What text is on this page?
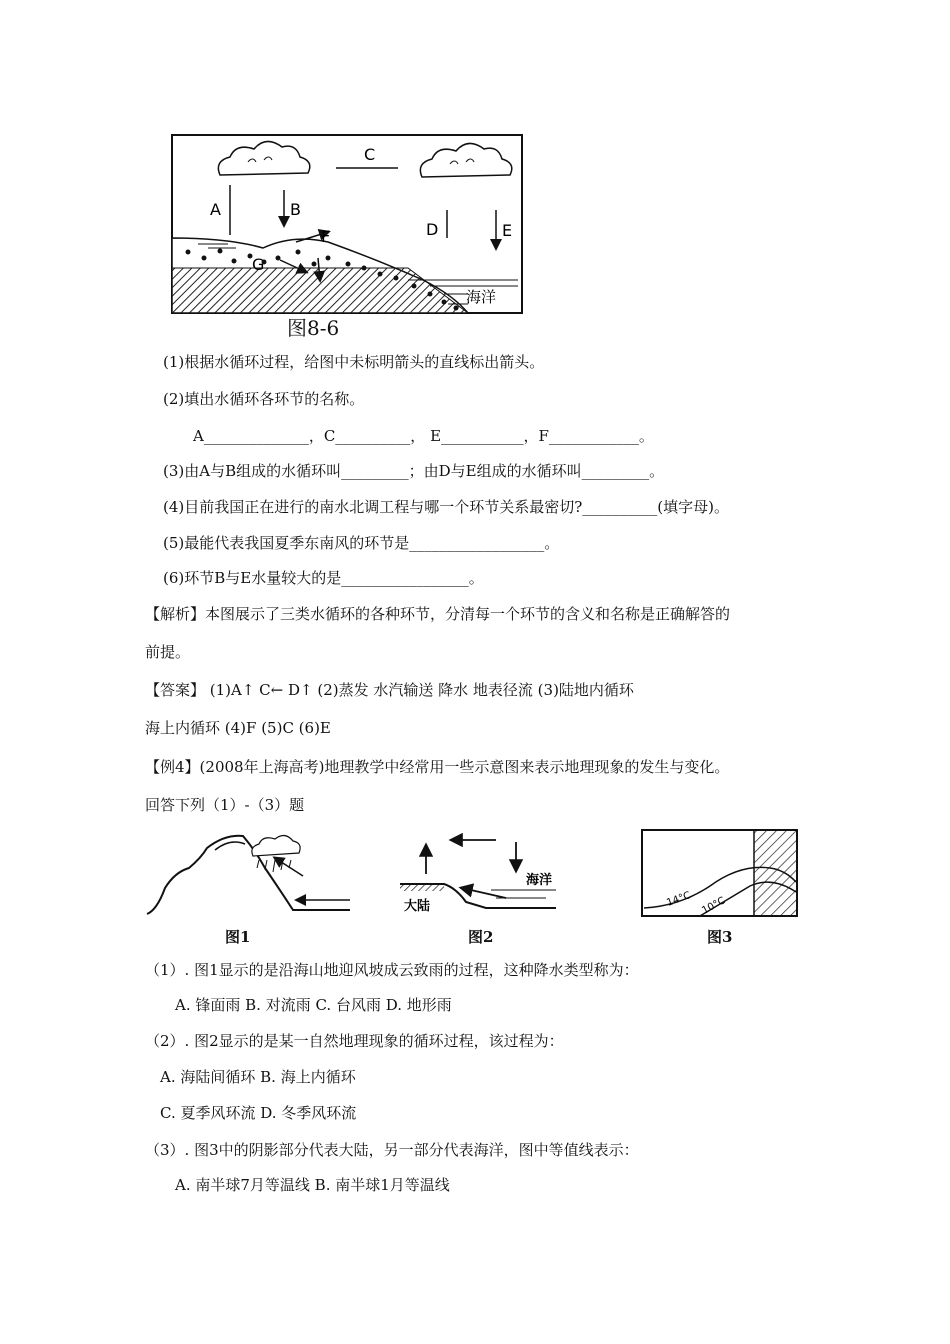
C
A	B
D	E
F
G
海洋
图8-6
(1)根据水循环过程，给图中未标明箭头的直线标出箭头。
(2)填出水循环各环节的名称。
A______________，C__________， E___________，F____________。
(3)由A与B组成的水循环叫_________；由D与E组成的水循环叫_________。
(4)目前我国正在进行的南水北调工程与哪一个环节关系最密切?__________(填字母)。
(5)最能代表我国夏季东南风的环节是__________________。
(6)环节B与E水量较大的是_________________。
【解析】本图展示了三类水循环的各种环节，分清每一个环节的含义和名称是正确解答的
前提。
【答案】 (1)A↑ C← D↑ (2)蒸发 水汽输送 降水 地表径流 (3)陆地内循环
海上内循环 (4)F (5)C (6)E
【例4】(2008年上海高考)地理教学中经常用一些示意图来表示地理现象的发生与变化。
回答下列（1）-（3）题
图1
大陆
海洋
图2
14°C 10°C
图3
（1）. 图1显示的是沿海山地迎风坡成云致雨的过程，这种降水类型称为：
A. 锋面雨 B. 对流雨 C. 台风雨 D. 地形雨
（2）. 图2显示的是某一自然地理现象的循环过程，该过程为：
A. 海陆间循环 B. 海上内循环
C. 夏季风环流 D. 冬季风环流
（3）. 图3中的阴影部分代表大陆，另一部分代表海洋，图中等值线表示：
A. 南半球7月等温线 B. 南半球1月等温线
